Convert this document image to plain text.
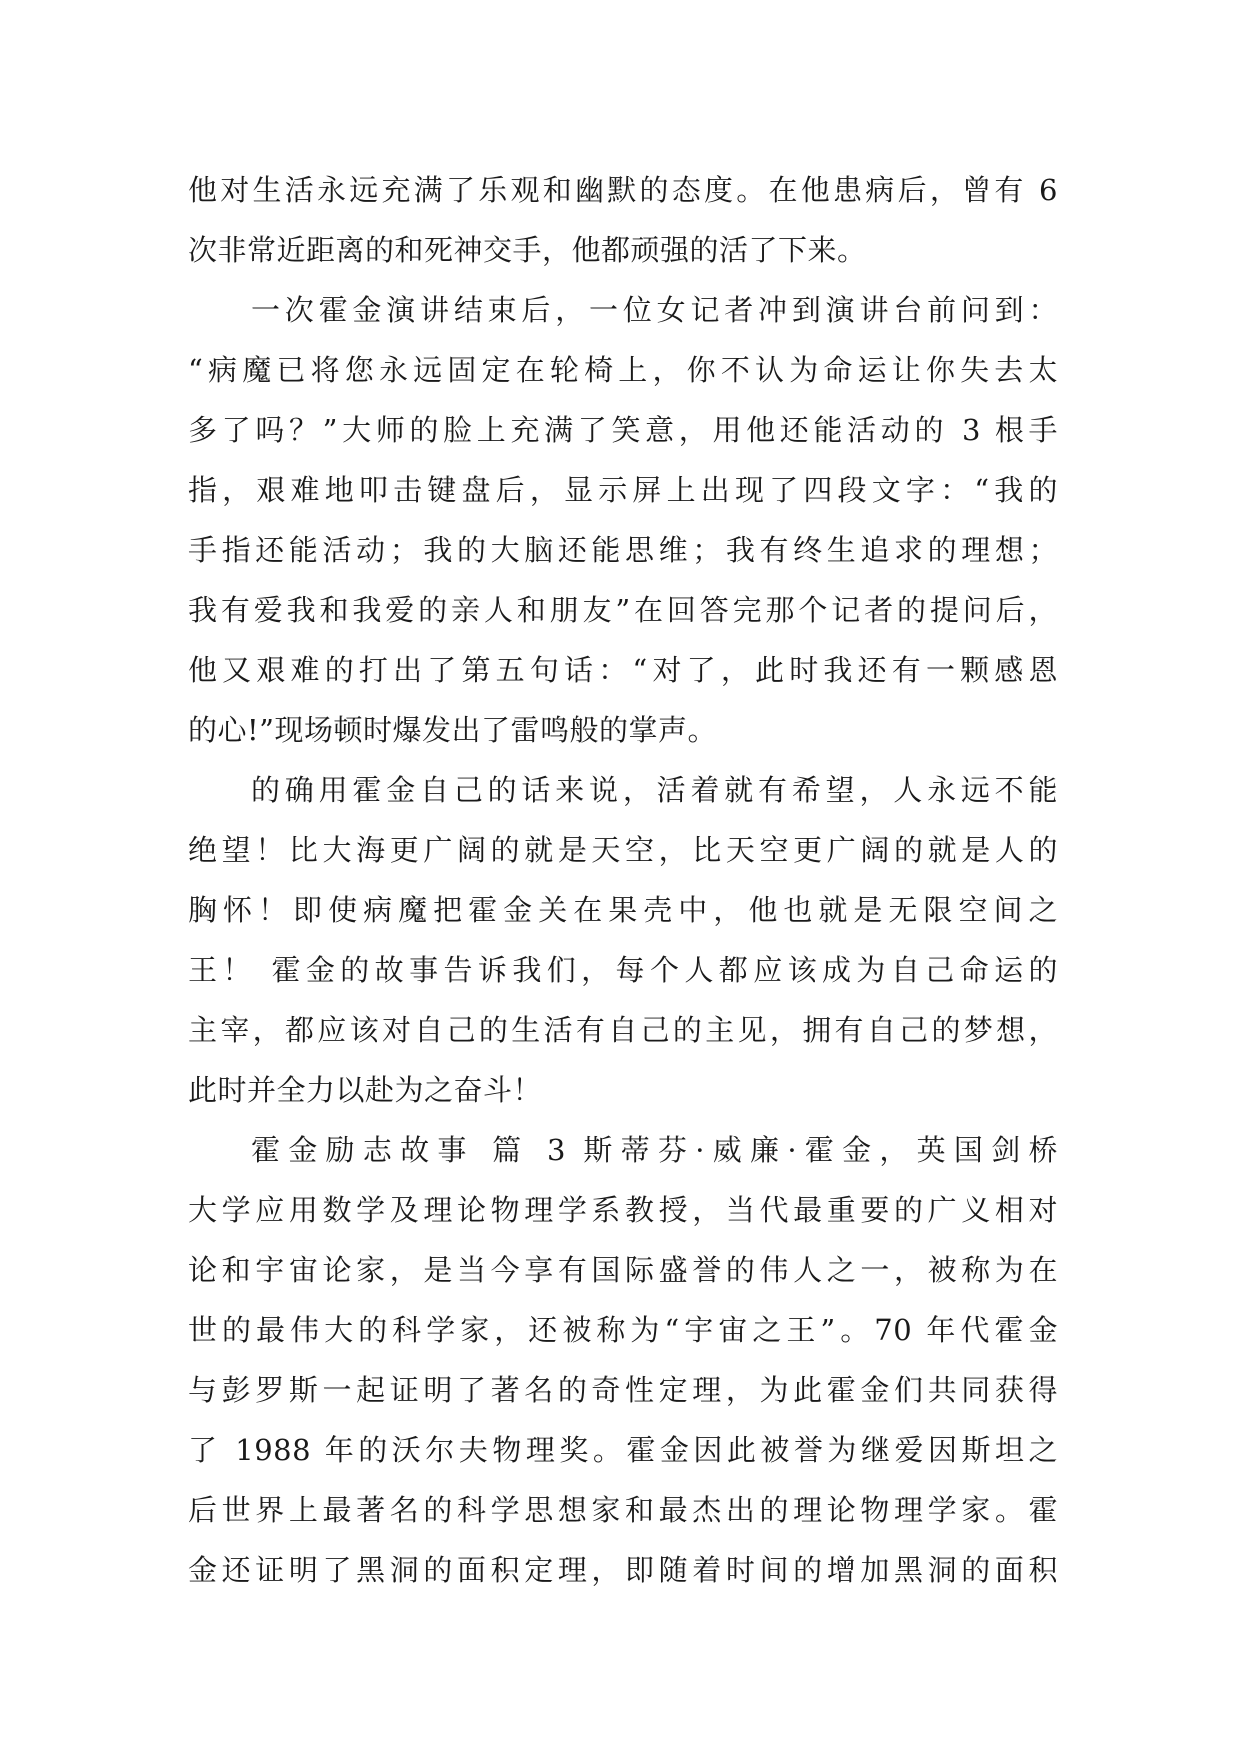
他对生活永远充满了乐观和幽默的态度。在他患病后，曾有 6
次非常近距离的和死神交手，他都顽强的活了下来。
一次霍金演讲结束后，一位女记者冲到演讲台前问到：
“病魔已将您永远固定在轮椅上，你不认为命运让你失去太
多了吗？”大师的脸上充满了笑意，用他还能活动的 3 根手
指，艰难地叩击键盘后，显示屏上出现了四段文字：“我的
手指还能活动；我的大脑还能思维；我有终生追求的理想；
我有爱我和我爱的亲人和朋友”在回答完那个记者的提问后，
他又艰难的打出了第五句话：“对了，此时我还有一颗感恩
的心!”现场顿时爆发出了雷鸣般的掌声。
的确用霍金自己的话来说，活着就有希望，人永远不能
绝望！比大海更广阔的就是天空，比天空更广阔的就是人的
胸怀！即使病魔把霍金关在果壳中，他也就是无限空间之
王！ 霍金的故事告诉我们，每个人都应该成为自己命运的
主宰，都应该对自己的生活有自己的主见，拥有自己的梦想，
此时并全力以赴为之奋斗！
霍金励志故事 篇 3 斯蒂芬·威廉·霍金，英国剑桥
大学应用数学及理论物理学系教授，当代最重要的广义相对
论和宇宙论家，是当今享有国际盛誉的伟人之一，被称为在
世的最伟大的科学家，还被称为“宇宙之王”。70 年代霍金
与彭罗斯一起证明了著名的奇性定理，为此霍金们共同获得
了 1988 年的沃尔夫物理奖。霍金因此被誉为继爱因斯坦之
后世界上最著名的科学思想家和最杰出的理论物理学家。霍
金还证明了黑洞的面积定理，即随着时间的增加黑洞的面积
